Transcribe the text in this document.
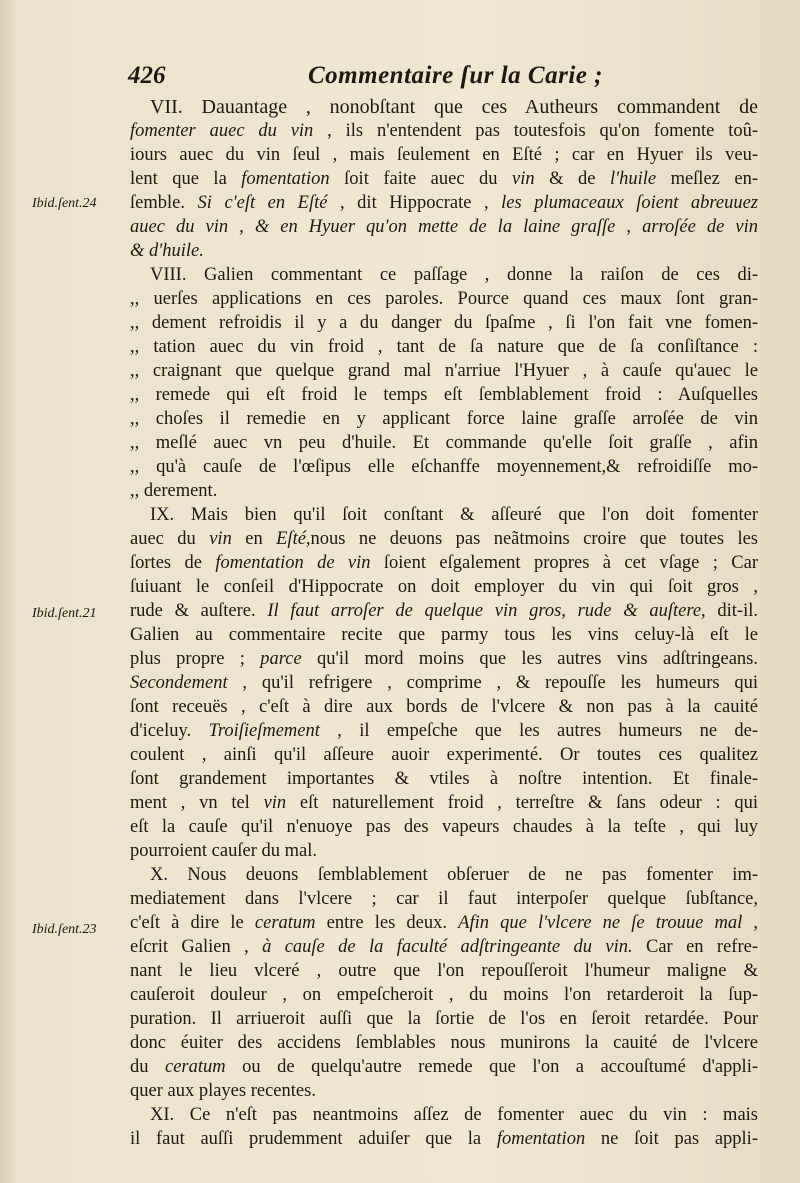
426	Commentaire ſur la Carie ;
Ibid.ſent.24
Ibid.ſent.21
Ibid.ſent.23
VII. Dauantage , nonobſtant que ces Autheurs commandent de
fomenter auec du vin , ils n'entendent pas toutesfois qu'on fomente toû-
iours auec du vin ſeul , mais ſeulement en Eſté ; car en Hyuer ils veu-
lent que la fomentation ſoit faite auec du vin & de l'huile meſlez en-
ſemble. Si c'eſt en Eſté , dit Hippocrate , les plumaceaux ſoient abreuuez
auec du vin , & en Hyuer qu'on mette de la laine graſſe , arroſée de vin
& d'huile.
VIII. Galien commentant ce paſſage , donne la raiſon de ces di-
,, uerſes applications en ces paroles. Pource quand ces maux ſont gran-
,, dement refroidis il y a du danger du ſpaſme , ſi l'on fait vne fomen-
,, tation auec du vin froid , tant de ſa nature que de ſa conſiſtance :
,, craignant que quelque grand mal n'arriue l'Hyuer , à cauſe qu'auec le
,, remede qui eſt froid le temps eſt ſemblablement froid : Auſquelles
,, choſes il remedie en y applicant force laine graſſe arroſée de vin
,, meſlé auec vn peu d'huile. Et commande qu'elle ſoit graſſe , afin
,, qu'à cauſe de l'œſipus elle eſchanffe moyennement,& refroidiſſe mo-
,, derement.
IX. Mais bien qu'il ſoit conſtant & aſſeuré que l'on doit fomenter
auec du vin en Eſté,nous ne deuons pas neãtmoins croire que toutes les
ſortes de fomentation de vin ſoient eſgalement propres à cet vſage ; Car
ſuiuant le conſeil d'Hippocrate on doit employer du vin qui ſoit gros ,
rude & auſtere. Il faut arroſer de quelque vin gros, rude & auſtere, dit-il.
Galien au commentaire recite que parmy tous les vins celuy-là eſt le
plus propre ; parce qu'il mord moins que les autres vins adſtringeans.
Secondement , qu'il refrigere , comprime , & repouſſe les humeurs qui
ſont receuës , c'eſt à dire aux bords de l'vlcere & non pas à la cauité
d'iceluy. Troiſieſmement , il empeſche que les autres humeurs ne de-
coulent , ainſi qu'il aſſeure auoir experimenté. Or toutes ces qualitez
ſont grandement importantes & vtiles à noſtre intention. Et finale-
ment , vn tel vin eſt naturellement froid , terreſtre & ſans odeur : qui
eſt la cauſe qu'il n'enuoye pas des vapeurs chaudes à la teſte , qui luy
pourroient cauſer du mal.
X. Nous deuons ſemblablement obſeruer de ne pas fomenter im-
mediatement dans l'vlcere ; car il faut interpoſer quelque ſubſtance,
c'eſt à dire le ceratum entre les deux. Afin que l'vlcere ne ſe trouue mal ,
eſcrit Galien , à cauſe de la faculté adſtringeante du vin. Car en refre-
nant le lieu vlceré , outre que l'on repouſſeroit l'humeur maligne &
cauſeroit douleur , on empeſcheroit , du moins l'on retarderoit la ſup-
puration. Il arriueroit auſſi que la ſortie de l'os en ſeroit retardée. Pour
donc éuiter des accidens ſemblables nous munirons la cauité de l'vlcere
du ceratum ou de quelqu'autre remede que l'on a accouſtumé d'appli-
quer aux playes recentes.
XI. Ce n'eſt pas neantmoins aſſez de fomenter auec du vin : mais
il faut auſſi prudemment aduiſer que la fomentation ne ſoit pas appli-
